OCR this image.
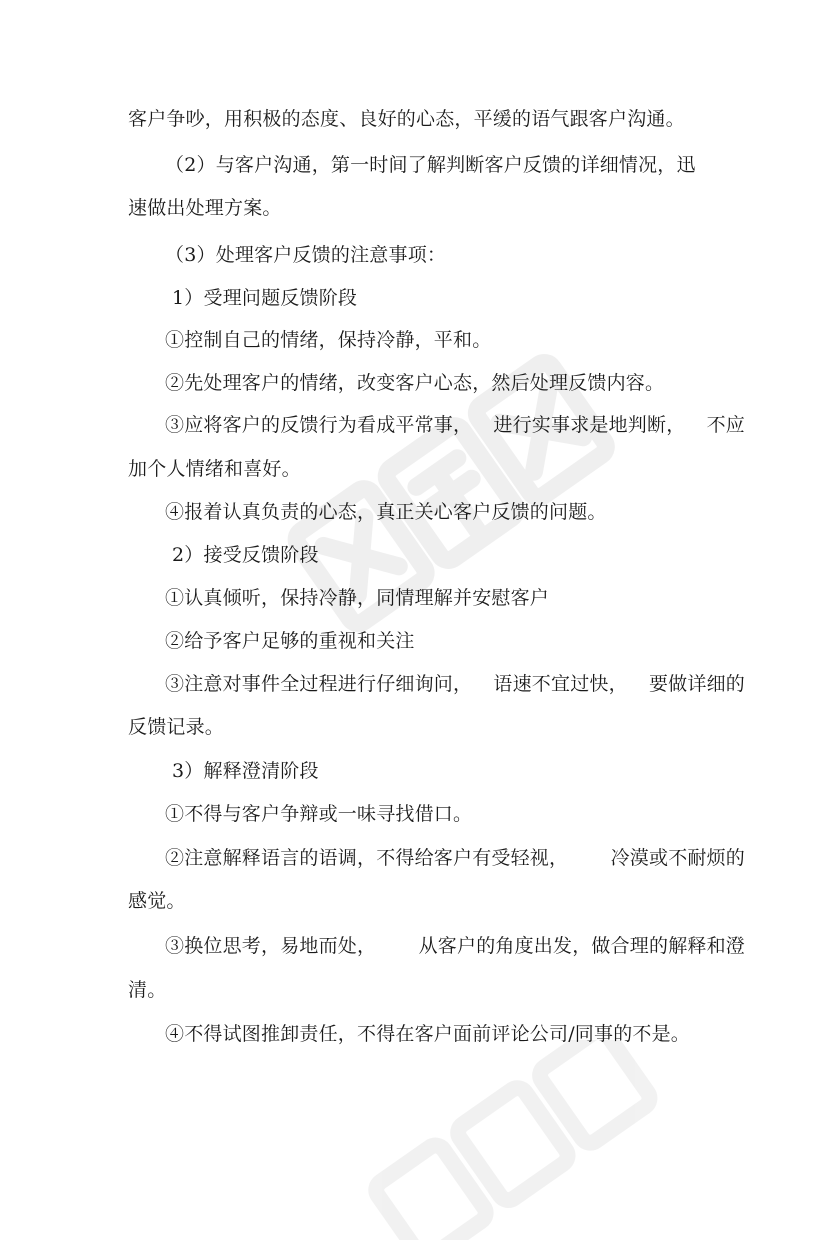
客户争吵，用积极的态度、良好的心态，平缓的语气跟客户沟通。
（2）与客户沟通，第一时间了解判断客户反馈的详细情况，迅
速做出处理方案。
（3）处理客户反馈的注意事项：
1）受理问题反馈阶段
①控制自己的情绪，保持冷静，平和。
②先处理客户的情绪，改变客户心态，然后处理反馈内容。
③应将客户的反馈行为看成平常事， 进行实事求是地判断， 不应
加个人情绪和喜好。
④报着认真负责的心态，真正关心客户反馈的问题。
2）接受反馈阶段
①认真倾听，保持冷静，同情理解并安慰客户
②给予客户足够的重视和关注
③注意对事件全过程进行仔细询问， 语速不宜过快， 要做详细的
反馈记录。
3）解释澄清阶段
①不得与客户争辩或一味寻找借口。
②注意解释语言的语调，不得给客户有受轻视， 冷漠或不耐烦的
感觉。
③换位思考，易地而处， 从客户的角度出发，做合理的解释和澄
清。
④不得试图推卸责任，不得在客户面前评论公司/同事的不是。
